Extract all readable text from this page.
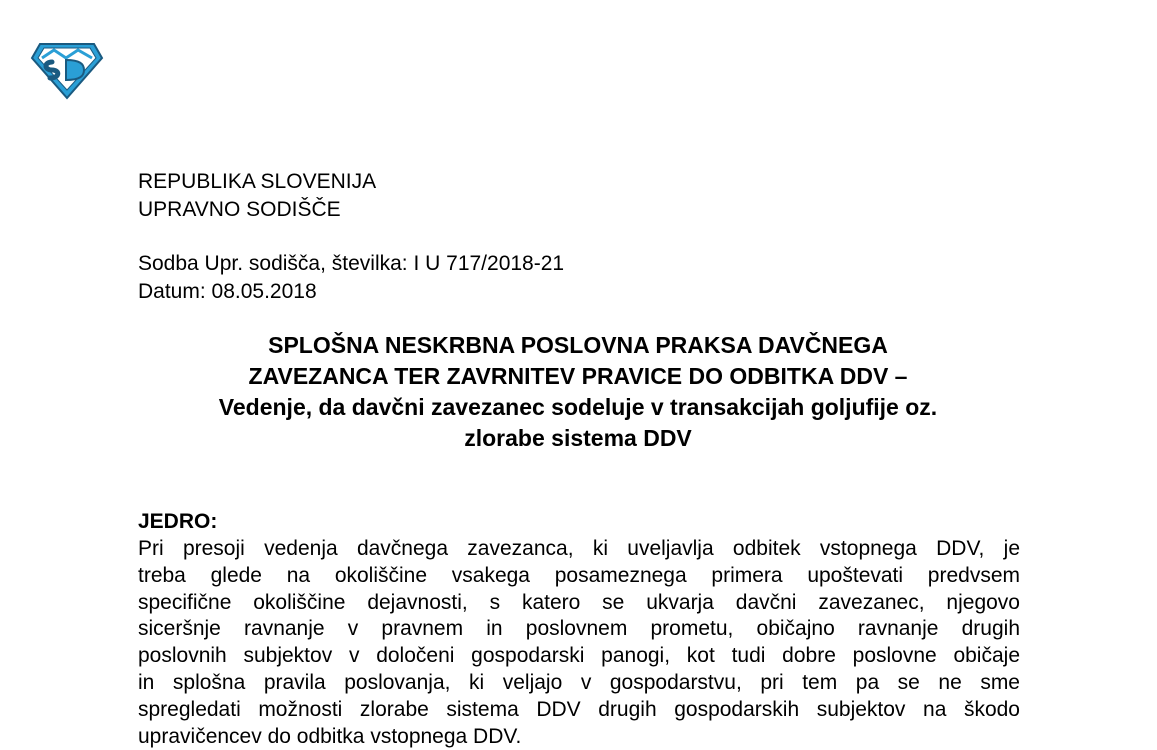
REPUBLIKA SLOVENIJA
UPRAVNO SODIŠČE
Sodba Upr. sodišča, številka: I U 717/2018-21
Datum: 08.05.2018
SPLOŠNA NESKRBNA POSLOVNA PRAKSA DAVČNEGA
ZAVEZANCA TER ZAVRNITEV PRAVICE DO ODBITKA DDV –
Vedenje, da davčni zavezanec sodeluje v transakcijah goljufije oz.
zlorabe sistema DDV
JEDRO:
Pri presoji vedenja davčnega zavezanca, ki uveljavlja odbitek vstopnega DDV, je
treba glede na okoliščine vsakega posameznega primera upoštevati predvsem
specifične okoliščine dejavnosti, s katero se ukvarja davčni zavezanec, njegovo
siceršnje ravnanje v pravnem in poslovnem prometu, običajno ravnanje drugih
poslovnih subjektov v določeni gospodarski panogi, kot tudi dobre poslovne običaje
in splošna pravila poslovanja, ki veljajo v gospodarstvu, pri tem pa se ne sme
spregledati možnosti zlorabe sistema DDV drugih gospodarskih subjektov na škodo
upravičencev do odbitka vstopnega DDV.
